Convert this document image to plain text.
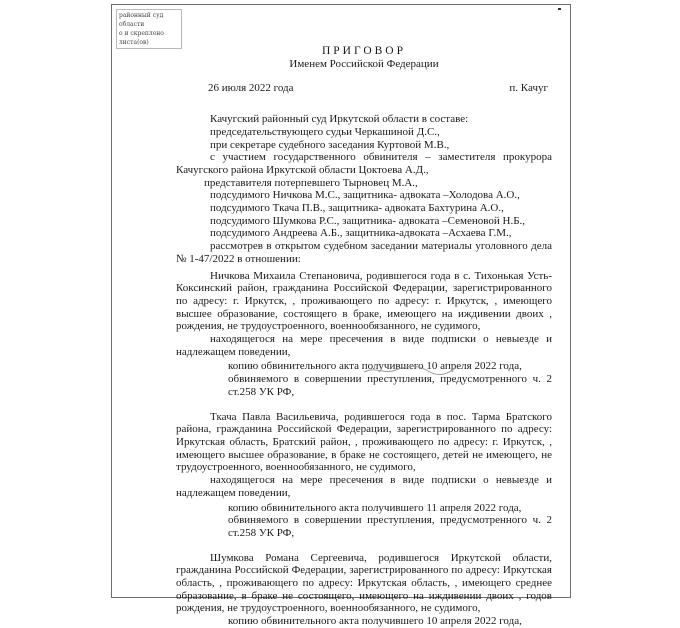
районный суд
области
о и скреплено
листа(ов)
ПРИГОВОР
Именем Российской Федерации
26 июля 2022 года	п. Качуг
Качугский районный суд Иркутской области в составе:
председательствующего судьи Черкашиной Д.С.,
при секретаре судебного заседания Куртовой М.В.,
с участием государственного обвинителя – заместителя прокурора
Качугского района Иркутской области Цоктоева А.Д.,
представителя потерпевшего Тырновец М.А.,
подсудимого Ничкова М.С., защитника- адвоката –Холодова А.О.,
подсудимого Ткача П.В., защитника- адвоката Бахтурина А.О.,
подсудимого Шумкова Р.С., защитника- адвоката –Семеновой Н.Б.,
подсудимого Андреева А.Б., защитника-адвоката –Асхаева Г.М.,
рассмотрев в открытом судебном заседании материалы уголовного дела № 1-47/2022 в отношении:
Ничкова Михаила Степановича, родившегося года в с. Тихонькая Усть-Коксинский район, гражданина Российской Федерации, зарегистрированного по адресу: г. Иркутск, , проживающего по адресу: г. Иркутск, , имеющего высшее образование, состоящего в браке, имеющего на иждивении двоих , рождения, не трудоустроенного, военнообязанного, не судимого,
находящегося на мере пресечения в виде подписки о невыезде и надлежащем поведении,
копию обвинительного акта получившего 10 апреля 2022 года,
обвиняемого в совершении преступления, предусмотренного ч. 2 ст.258 УК РФ,
Ткача Павла Васильевича, родившегося года в пос. Тарма Братского района, гражданина Российской Федерации, зарегистрированного по адресу: Иркутская область, Братский район, , проживающего по адресу: г. Иркутск, , имеющего высшее образование, в браке не состоящего, детей не имеющего, не трудоустроенного, военнообязанного, не судимого,
находящегося на мере пресечения в виде подписки о невыезде и надлежащем поведении,
копию обвинительного акта получившего 11 апреля 2022 года,
обвиняемого в совершении преступления, предусмотренного ч. 2 ст.258 УК РФ,
Шумкова Романа Сергеевича, родившегося Иркутской области, гражданина Российской Федерации, зарегистрированного по адресу: Иркутская область, , проживающего по адресу: Иркутская область, , имеющего среднее образование, в браке не состоящего, имеющего на иждивении двоих , годов рождения, не трудоустроенного, военнообязанного, не судимого,
копию обвинительного акта получившего 10 апреля 2022 года,
